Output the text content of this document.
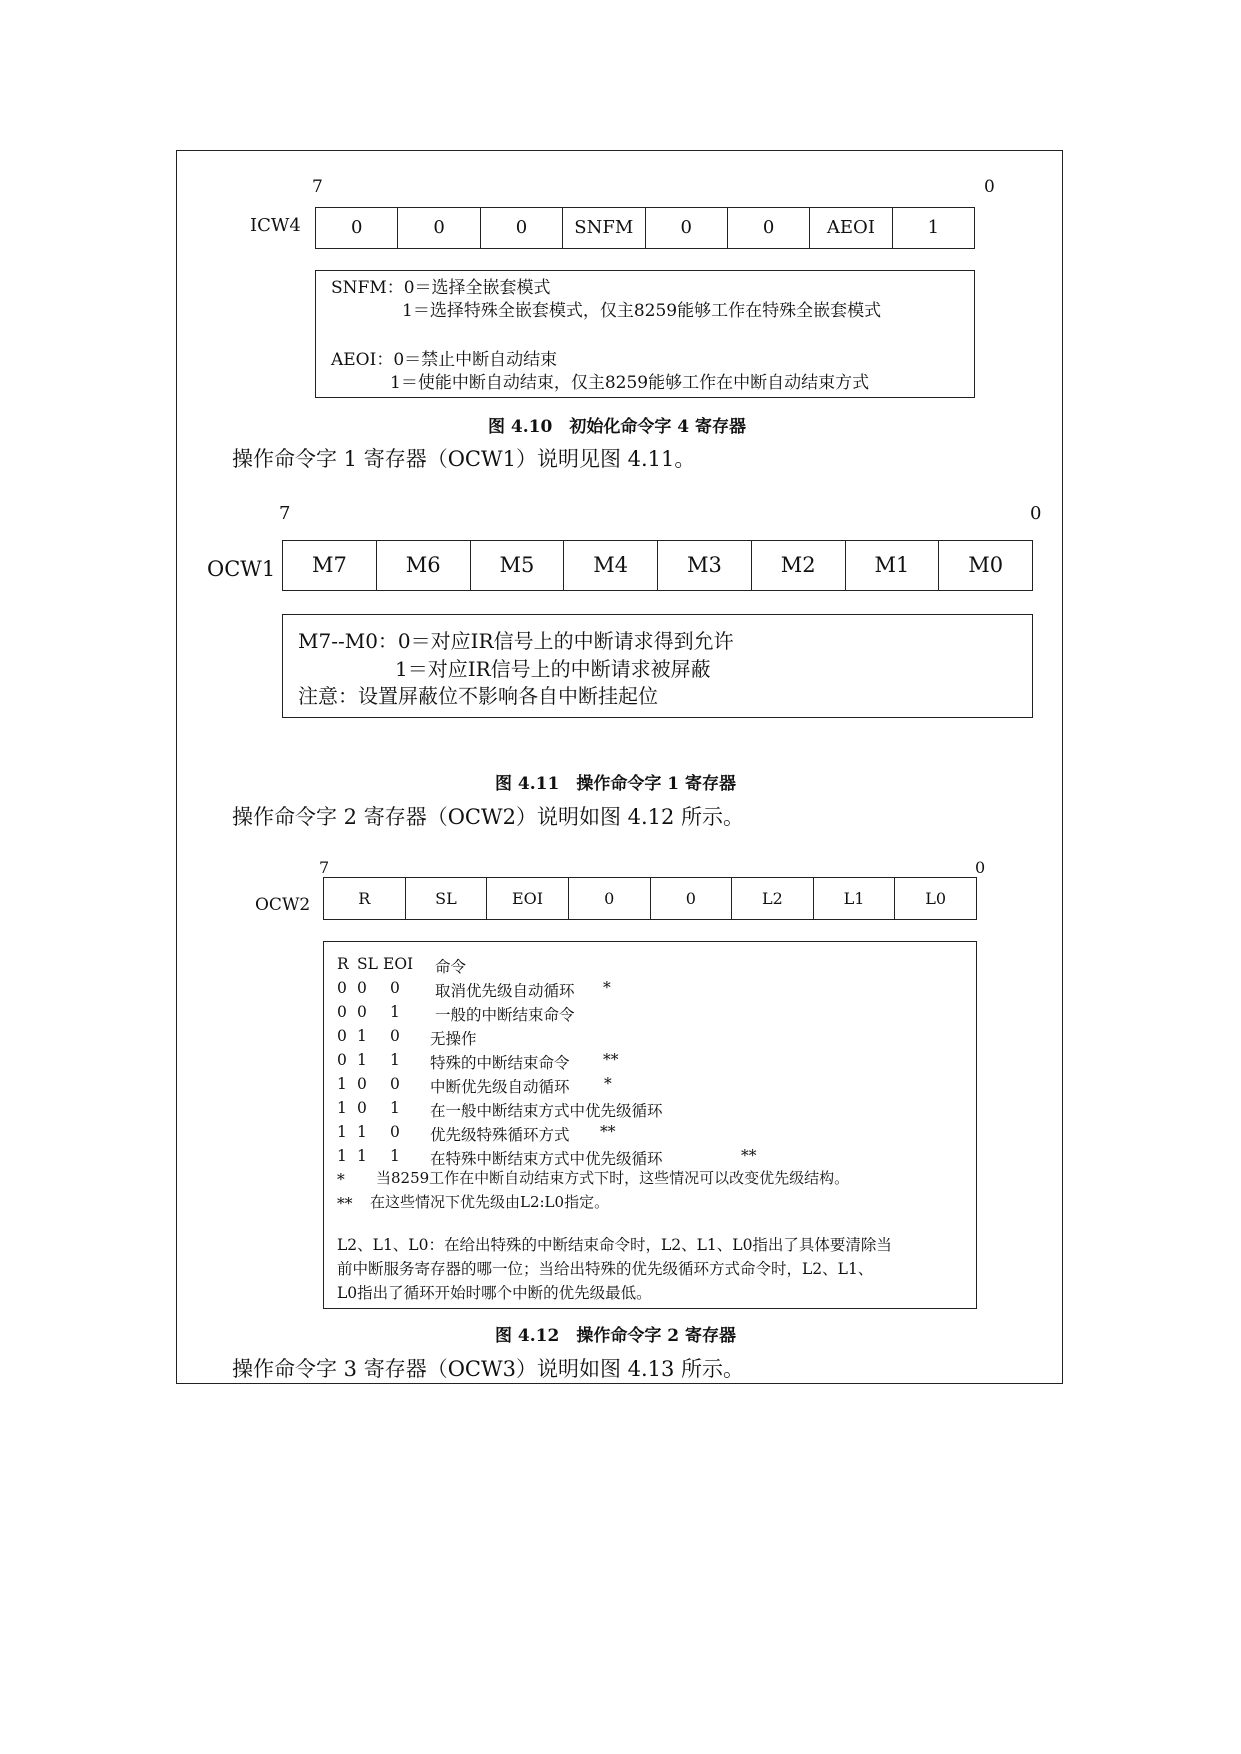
7	0
ICW4	0	0	0	SNFM	0	0	AEOI	1
SNFM：0＝选择全嵌套模式
1＝选择特殊全嵌套模式，仅主8259能够工作在特殊全嵌套模式
AEOI：0＝禁止中断自动结束
1＝使能中断自动结束，仅主8259能够工作在中断自动结束方式
图 4.10　初始化命令字 4 寄存器
操作命令字 1 寄存器（OCW1）说明见图 4.11。
7	0
OCW1	M7	M6	M5	M4	M3	M2	M1	M0
M7--M0：0＝对应IR信号上的中断请求得到允许
1＝对应IR信号上的中断请求被屏蔽
注意：设置屏蔽位不影响各自中断挂起位
图 4.11　操作命令字 1 寄存器
操作命令字 2 寄存器（OCW2）说明如图 4.12 所示。
7	0
OCW2	R	SL	EOI	0	0	L2	L1	L0
R SL EOI 命令
0 0 0 取消优先级自动循环 *
0 0 1 一般的中断结束命令
0 1 0 无操作
0 1 1 特殊的中断结束命令 **
1 0 0 中断优先级自动循环 *
1 0 1 在一般中断结束方式中优先级循环
1 1 0 优先级特殊循环方式 **
1 1 1 在特殊中断结束方式中优先级循环	**
* 当8259工作在中断自动结束方式下时，这些情况可以改变优先级结构。
** 在这些情况下优先级由L2:L0指定。
L2、L1、L0：在给出特殊的中断结束命令时，L2、L1、L0指出了具体要清除当
前中断服务寄存器的哪一位；当给出特殊的优先级循环方式命令时，L2、L1、
L0指出了循环开始时哪个中断的优先级最低。
图 4.12　操作命令字 2 寄存器
操作命令字 3 寄存器（OCW3）说明如图 4.13 所示。
